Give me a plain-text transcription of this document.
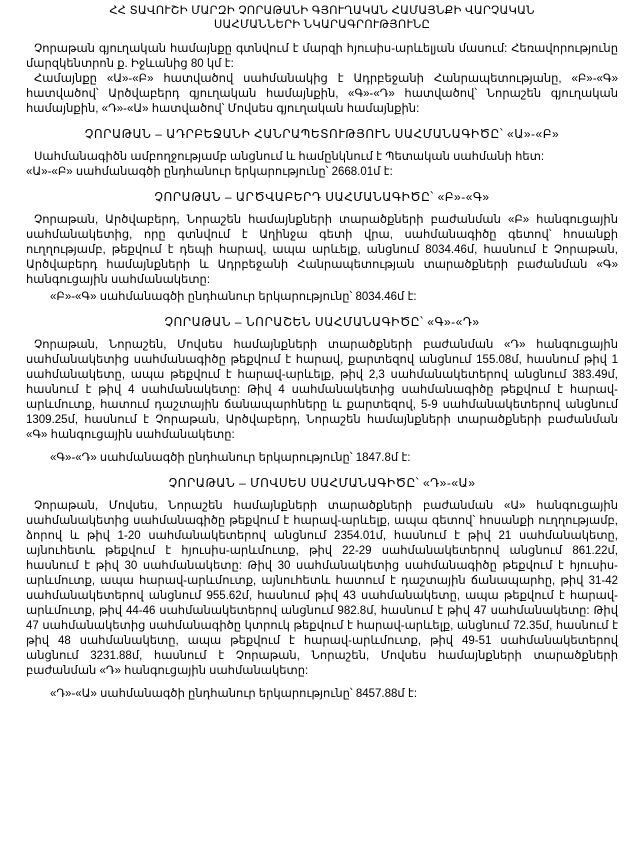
ՀՀ ՏԱՎՈՒՇԻ ՄԱՐԶԻ ՉՈՐԱԹԱՆԻ ԳՅՈՒՂԱԿԱՆ ՀԱՄԱՅՆՔԻ ՎԱՐՉԱԿԱՆ
ՍԱՀՄԱՆՆԵՐԻ ՆԿԱՐԱԳՐՈՒԹՅՈՒՆԸ

Չորաթան գյուղական համայնքը գտնվում է մարզի հյուսիս-արևելյան մասում: Հեռավորությունը մարզկենտրոն ք. Իջևանից 80 կմ է:

Համայնքը «Ա»-«Բ» հատվածով սահմանակից է Ադրբեջանի Հանրապետությանը, «Բ»-«Գ» հատվածով՝ Արծվաբերդ գյուղական համայնքին, «Գ»-«Դ» հատվածով՝ Նորաշեն գյուղական համայնքին, «Դ»-«Ա» հատվածով՝ Մովսես գյուղական համայնքին:

ՉՈՐԱԹԱՆ – ԱԴՐԲԵՋԱՆԻ ՀԱՆՐԱՊԵՏՈՒԹՅՈՒՆ ՍԱՀՄԱՆԱԳԻԾԸ՝ «Ա»-«Բ»

Սահմանագիծն ամբողջությամբ անցնում և համընկնում է Պետական սահմանի հետ:

«Ա»-«Բ» սահմանագծի ընդհանուր երկարությունը՝ 2668.01մ է:

ՉՈՐԱԹԱՆ – ԱՐԾՎԱԲԵՐԴ ՍԱՀՄԱՆԱԳԻԾԸ՝ «Բ»-«Գ»

Չորաթան, Արծվաբերդ, Նորաշեն համայնքների տարածքների բաժանման «Բ» հանգուցային սահմանակետից, որը գտնվում է Աղինջա գետի վրա, սահմանագիծը գետով՝ հոսանքի ուղղությամբ, թեքվում է դեպի հարավ, ապա արևելք, անցնում 8034.46մ, հասնում է Չորաթան, Արծվաբերդ համայնքների և Ադրբեջանի Հանրապետության տարածքների բաժանման «Գ» հանգուցային սահմանակետը:

«Բ»-«Գ» սահմանագծի ընդհանուր երկարությունը՝ 8034.46մ է:

ՉՈՐԱԹԱՆ – ՆՈՐԱՇԵՆ ՍԱՀՄԱՆԱԳԻԾԸ՝ «Գ»-«Դ»

Չորաթան, Նորաշեն, Մովսես համայնքների տարածքների բաժանման «Դ» հանգուցային սահմանակետից սահմանագիծը թեքվում է հարավ, քարտեզով անցնում 155.08մ, հասնում թիվ 1 սահմանակետը, ապա թեքվում է հարավ-արևելք, թիվ 2,3 սահմանակետերով անցնում 383.49մ, հասնում է թիվ 4 սահմանակետը: Թիվ 4 սահմանակետից սահմանագիծը թեքվում է հարավ-արևմուտք, հատում դաշտային ճանապարհները և քարտեզով, 5-9 սահմանակետերով անցնում 1309.25մ, հասնում է Չորաթան, Արծվաբերդ, Նորաշեն համայնքների տարածքների բաժանման «Գ» հանգուցային սահմանակետը:

«Գ»-«Դ» սահմանագծի ընդհանուր երկարությունը՝ 1847.8մ է:

ՉՈՐԱԹԱՆ – ՄՈՎՍԵՍ ՍԱՀՄԱՆԱԳԻԾԸ՝ «Դ»-«Ա»

Չորաթան, Մովսես, Նորաշեն համայնքների տարածքների բաժանման «Ա» հանգուցային սահմանակետից սահմանագիծը թեքվում է հարավ-արևելք, ապա գետով՝ հոսանքի ուղղությամբ, ձորով և թիվ 1-20 սահմանակետերով անցնում 2354.01մ, հասնում է թիվ 21 սահմանակետը, այնուհետև թեքվում է հյուսիս-արևմուտք, թիվ 22-29 սահմանակետերով անցնում 861.22մ, հասնում է թիվ 30 սահմանակետը: Թիվ 30 սահմանակետից սահմանագիծը թեքվում է հյուսիս-արևմուտք, ապա հարավ-արևմուտք, այնուհետև հատում է դաշտային ճանապարհը, թիվ 31-42 սահմանակետերով անցնում 955.62մ, հասնում թիվ 43 սահմանակետը, ապա թեքվում է հարավ-արևմուտք, թիվ 44-46 սահմանակետերով անցնում 982.8մ, հասնում է թիվ 47 սահմանակետը: Թիվ 47 սահմանակետից սահմանագիծը կտրուկ թեքվում է հարավ-արևելք, անցնում 72.35մ, հասնում է թիվ 48 սահմանակետը, ապա թեքվում է հարավ-արևմուտք, թիվ 49-51 սահմանակետերով անցնում 3231.88մ, հասնում է Չորաթան, Նորաշեն, Մովսես համայնքների տարածքների բաժանման «Դ» հանգուցային սահմանակետը:

«Դ»-«Ա» սահմանագծի ընդհանուր երկարությունը՝ 8457.88մ է:
